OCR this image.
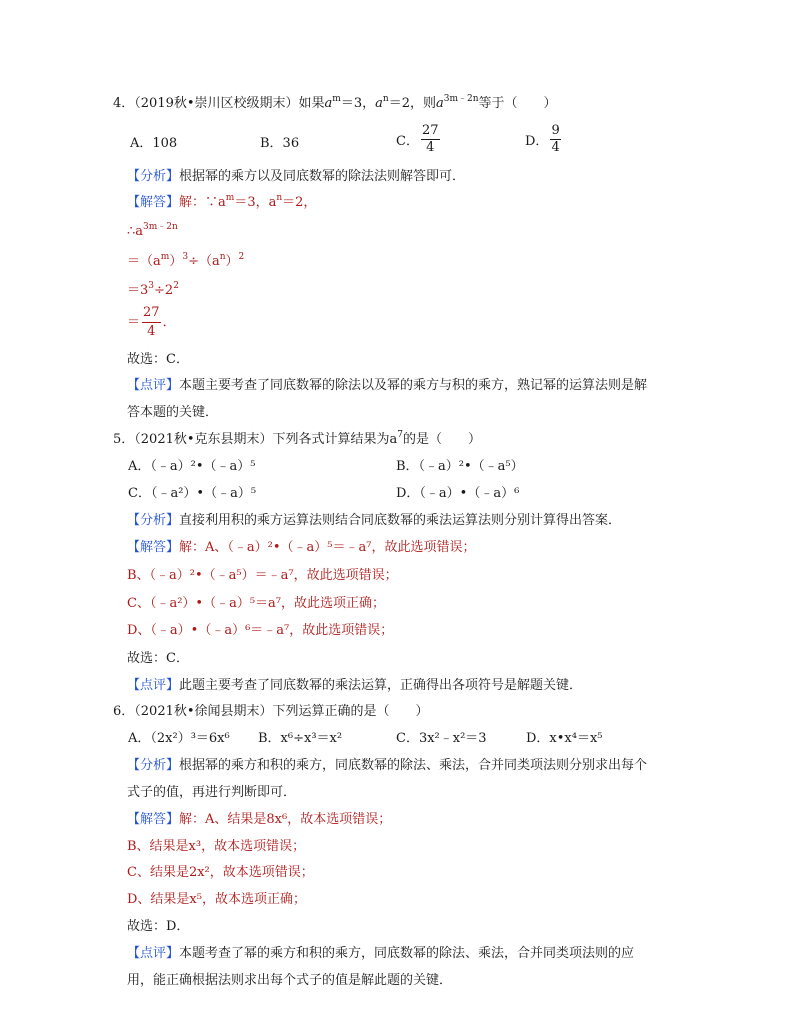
4．（2019秋•崇川区校级期末）如果$a^m=3$，$a^n=2$，则$a^{3m﹣2n}$等于（　　）
A．108	B．36	C． $\frac{27}{4}$	D． $\frac{9}{4}$
【分析】根据幂的乘方以及同底数幂的除法法则解答即可．
【解答】解：$\because a^m=3$，$a^n=2$，
$\therefore a^{3m﹣2n}$
$=(a^m)^3\div(a^n)^2$
$=3^3\div 2^2$
＝ $\frac{27}{4}$ ．
故选：C．
【点评】本题主要考查了同底数幂的除法以及幂的乘方与积的乘方，熟记幂的运算法则是解
答本题的关键．
5．（2021秋•克东县期末）下列各式计算结果为$a^7$的是（　　）
A．（﹣a）²•（﹣a）⁵	B．（﹣a）²•（﹣a⁵）
C．（﹣a²）•（﹣a）⁵	D．（﹣a）•（﹣a）⁶
【分析】直接利用积的乘方运算法则结合同底数幂的乘法运算法则分别计算得出答案．
【解答】解：A、（﹣a）²•（﹣a）⁵＝﹣a⁷，故此选项错误；
B、（﹣a）²•（﹣a⁵）＝﹣a⁷，故此选项错误；
C、（﹣a²）•（﹣a）⁵＝a⁷，故此选项正确；
D、（﹣a）•（﹣a）⁶＝﹣a⁷，故此选项错误；
故选：C．
【点评】此题主要考查了同底数幂的乘法运算，正确得出各项符号是解题关键．
6．（2021秋•徐闻县期末）下列运算正确的是（　　）
A．（2x²）³＝6x⁶ B．x⁶÷x³＝x²	C．3x²﹣x²＝3	D．x•x⁴＝x⁵
【分析】根据幂的乘方和积的乘方，同底数幂的除法、乘法，合并同类项法则分别求出每个
式子的值，再进行判断即可．
【解答】解：A、结果是8x⁶，故本选项错误；
B、结果是x³，故本选项错误；
C、结果是2x²，故本选项错误；
D、结果是x⁵，故本选项正确；
故选：D．
【点评】本题考查了幂的乘方和积的乘方，同底数幂的除法、乘法，合并同类项法则的应
用，能正确根据法则求出每个式子的值是解此题的关键．
